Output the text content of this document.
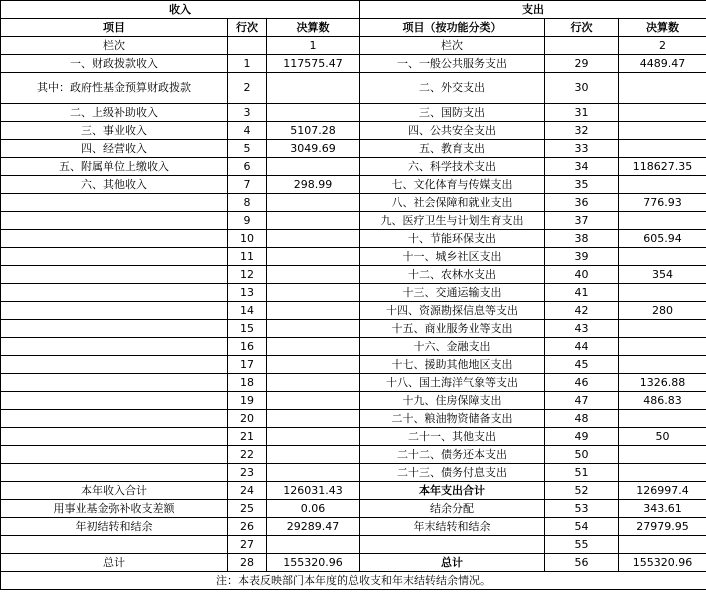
收入			支出		
项目	行次	决算数	项目（按功能分类）	行次	决算数
栏次		1	栏次		2
一、财政拨款收入	1	117575.47	一、一般公共服务支出	29	4489.47
其中：政府性基金预算财政拨款	2		二、外交支出	30	
二、上级补助收入	3		三、国防支出	31	
三、事业收入	4	5107.28	四、公共安全支出	32	
四、经营收入	5	3049.69	五、教育支出	33	
五、附属单位上缴收入	6		六、科学技术支出	34	118627.35
六、其他收入	7	298.99	七、文化体育与传媒支出	35	
	8		八、社会保障和就业支出	36	776.93
	9		九、医疗卫生与计划生育支出	37	
	10		十、节能环保支出	38	605.94
	11		十一、城乡社区支出	39	
	12		十二、农林水支出	40	354
	13		十三、交通运输支出	41	
	14		十四、资源勘探信息等支出	42	280
	15		十五、商业服务业等支出	43	
	16		十六、金融支出	44	
	17		十七、援助其他地区支出	45	
	18		十八、国土海洋气象等支出	46	1326.88
	19		十九、住房保障支出	47	486.83
	20		二十、粮油物资储备支出	48	
	21		二十一、其他支出	49	50
	22		二十二、债务还本支出	50	
	23		二十三、债务付息支出	51	
本年收入合计	24	126031.43	本年支出合计	52	126997.4
用事业基金弥补收支差额	25	0.06	结余分配	53	343.61
年初结转和结余	26	29289.47	年末结转和结余	54	27979.95
	27			55	
总计	28	155320.96	总计	56	155320.96
注：本表反映部门本年度的总收支和年末结转结余情况。					
